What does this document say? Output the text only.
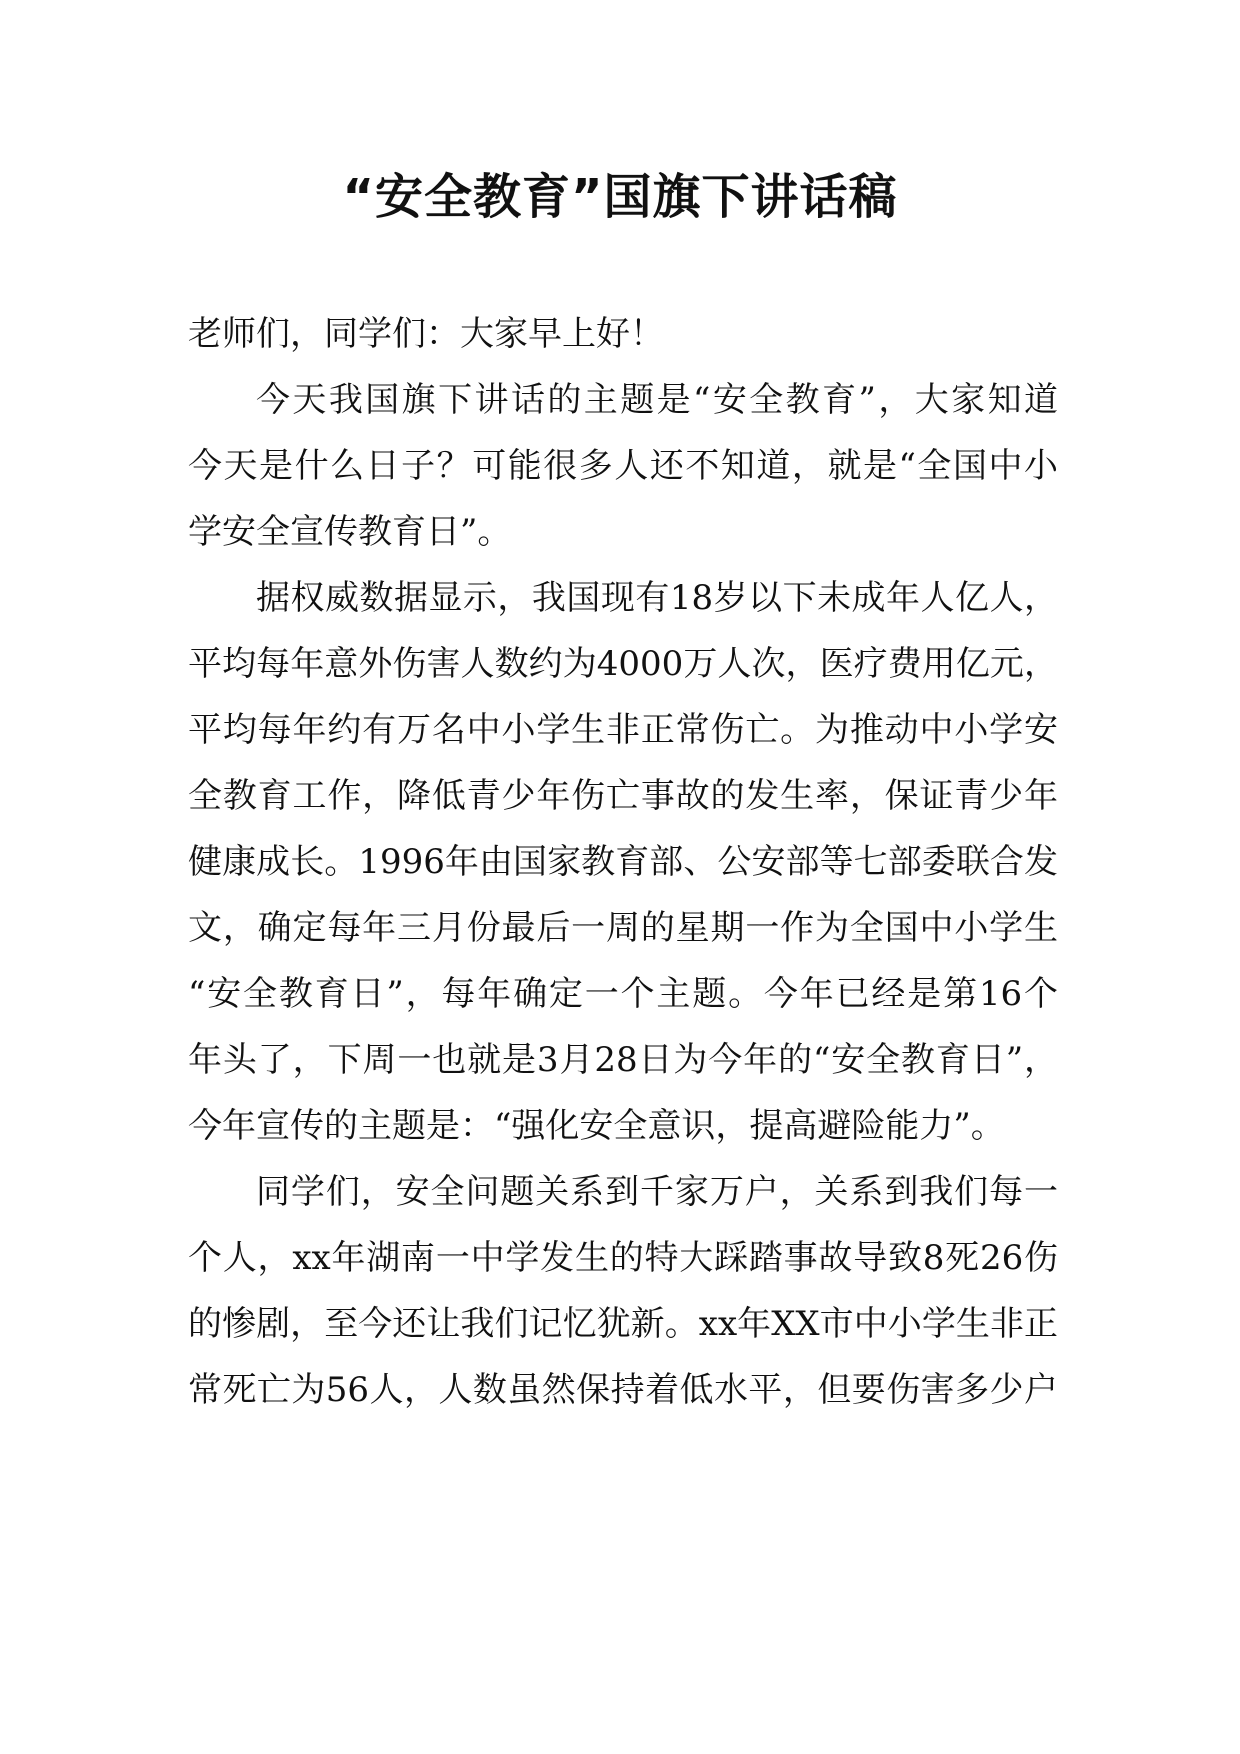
“安全教育”国旗下讲话稿
老师们，同学们：大家早上好！
今天我国旗下讲话的主题是“安全教育”，大家知道
今天是什么日子？可能很多人还不知道，就是“全国中小
学安全宣传教育日”。
据权威数据显示，我国现有18岁以下未成年人亿人，
平均每年意外伤害人数约为4000万人次，医疗费用亿元，
平均每年约有万名中小学生非正常伤亡。为推动中小学安
全教育工作，降低青少年伤亡事故的发生率，保证青少年
健康成长。1996年由国家教育部、公安部等七部委联合发
文，确定每年三月份最后一周的星期一作为全国中小学生
“安全教育日”，每年确定一个主题。今年已经是第16个
年头了，下周一也就是3月28日为今年的“安全教育日”，
今年宣传的主题是：“强化安全意识，提高避险能力”。
同学们，安全问题关系到千家万户，关系到我们每一
个人，xx年湖南一中学发生的特大踩踏事故导致8死26伤
的惨剧，至今还让我们记忆犹新。xx年XX市中小学生非正
常死亡为56人，人数虽然保持着低水平，但要伤害多少户
